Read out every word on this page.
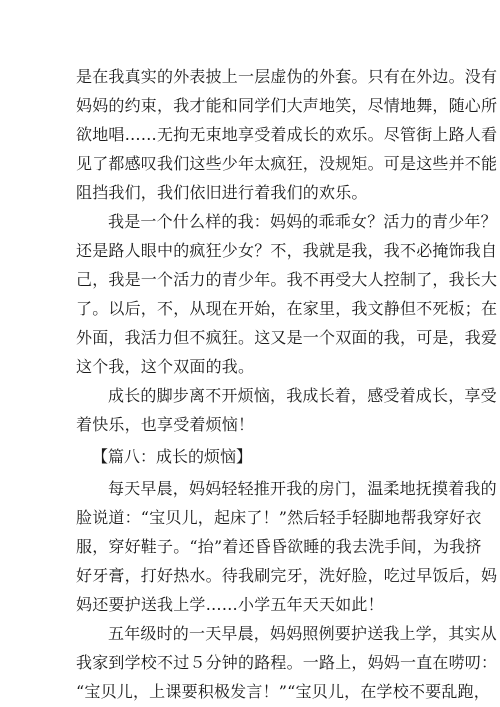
是在我真实的外表披上一层虚伪的外套。只有在外边。没有
妈妈的约束，我才能和同学们大声地笑，尽情地舞，随心所
欲地唱……无拘无束地享受着成长的欢乐。尽管街上路人看
见了都感叹我们这些少年太疯狂，没规矩。可是这些并不能
阻挡我们，我们依旧进行着我们的欢乐。

我是一个什么样的我：妈妈的乖乖女？活力的青少年？
还是路人眼中的疯狂少女？不，我就是我，我不必掩饰我自
己，我是一个活力的青少年。我不再受大人控制了，我长大
了。以后，不，从现在开始，在家里，我文静但不死板；在
外面，我活力但不疯狂。这又是一个双面的我，可是，我爱
这个我，这个双面的我。

成长的脚步离不开烦恼，我成长着，感受着成长，享受
着快乐，也享受着烦恼！

【篇八：成长的烦恼】

每天早晨，妈妈轻轻推开我的房门，温柔地抚摸着我的
脸说道：“宝贝儿，起床了！”然后轻手轻脚地帮我穿好衣
服，穿好鞋子。“抬”着还昏昏欲睡的我去洗手间，为我挤
好牙膏，打好热水。待我刷完牙，洗好脸，吃过早饭后，妈
妈还要护送我上学……小学五年天天如此！

五年级时的一天早晨，妈妈照例要护送我上学，其实从
我家到学校不过５分钟的路程。一路上，妈妈一直在唠叨：
“宝贝儿，上课要积极发言！”“宝贝儿，在学校不要乱跑，
